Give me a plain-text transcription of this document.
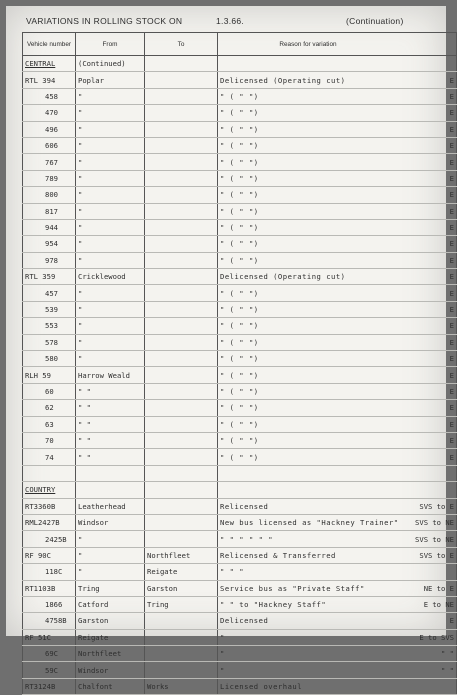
VARIATIONS IN ROLLING STOCK ON	1.3.66.	(Continuation)
Vehicle number	From	To	Reason for variation	
CENTRAL	(Continued)			
RTL 394	Poplar		Delicensed (Operating cut)	E
458	"		" ( " ")	E
470	"		" ( " ")	E
496	"		" ( " ")	E
606	"		" ( " ")	E
767	"		" ( " ")	E
789	"		" ( " ")	E
800	"		" ( " ")	E
817	"		" ( " ")	E
944	"		" ( " ")	E
954	"		" ( " ")	E
978	"		" ( " ")	E
RTL 359	Cricklewood		Delicensed (Operating cut)	E
457	"		" ( " ")	E
539	"		" ( " ")	E
553	"		" ( " ")	E
578	"		" ( " ")	E
580	"		" ( " ")	E
RLH 59	Harrow Weald		" ( " ")	E
60	" "		" ( " ")	E
62	" "		" ( " ")	E
63	" "		" ( " ")	E
70	" "		" ( " ")	E
74	" "		" ( " ")	E

COUNTRY				
RT3360B	Leatherhead		Relicensed	SVS to E
RML2427B	Windsor		New bus licensed as "Hackney Trainer"	SVS to NE
2425B	"		" " " " " "	SVS to NE
RF 90C	"	Northfleet	Relicensed & Transferred	SVS to E
118C	"	Reigate	" " "	
RT1103B	Tring	Garston	Service bus as "Private Staff"	NE to E
1866	Catford	Tring	" " to "Hackney Staff"	E to NE
4758B	Garston		Delicensed	E
RF 51C	Reigate		"	E to SVS
69C	Northfleet		"	" "
59C	Windsor		"	" "
RT3124B	Chalfont	Works	Licensed overhaul	
